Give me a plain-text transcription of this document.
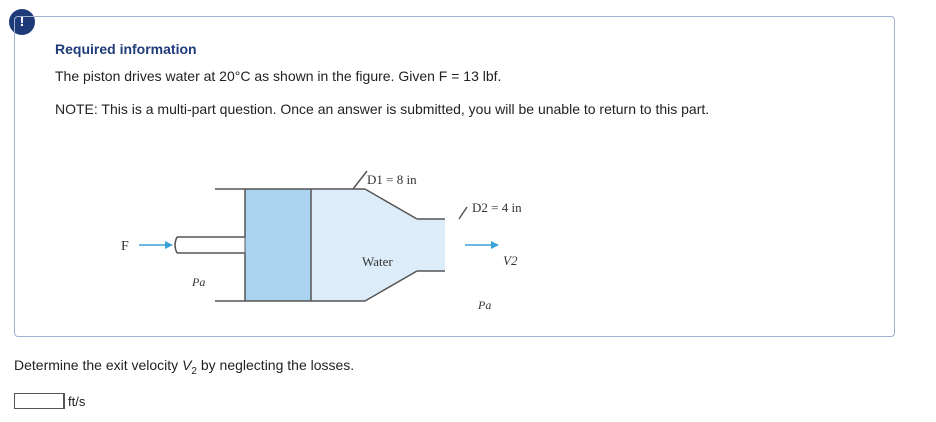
!
Required information
The piston drives water at 20°C as shown in the figure. Given F = 13 lbf.
NOTE: This is a multi-part question. Once an answer is submitted, you will be unable to return to this part.
F
D1 = 8 in
D2 = 4 in
Water
Pa
Pa
V2
Determine the exit velocity $V_2$ by neglecting the losses.
ft/s
